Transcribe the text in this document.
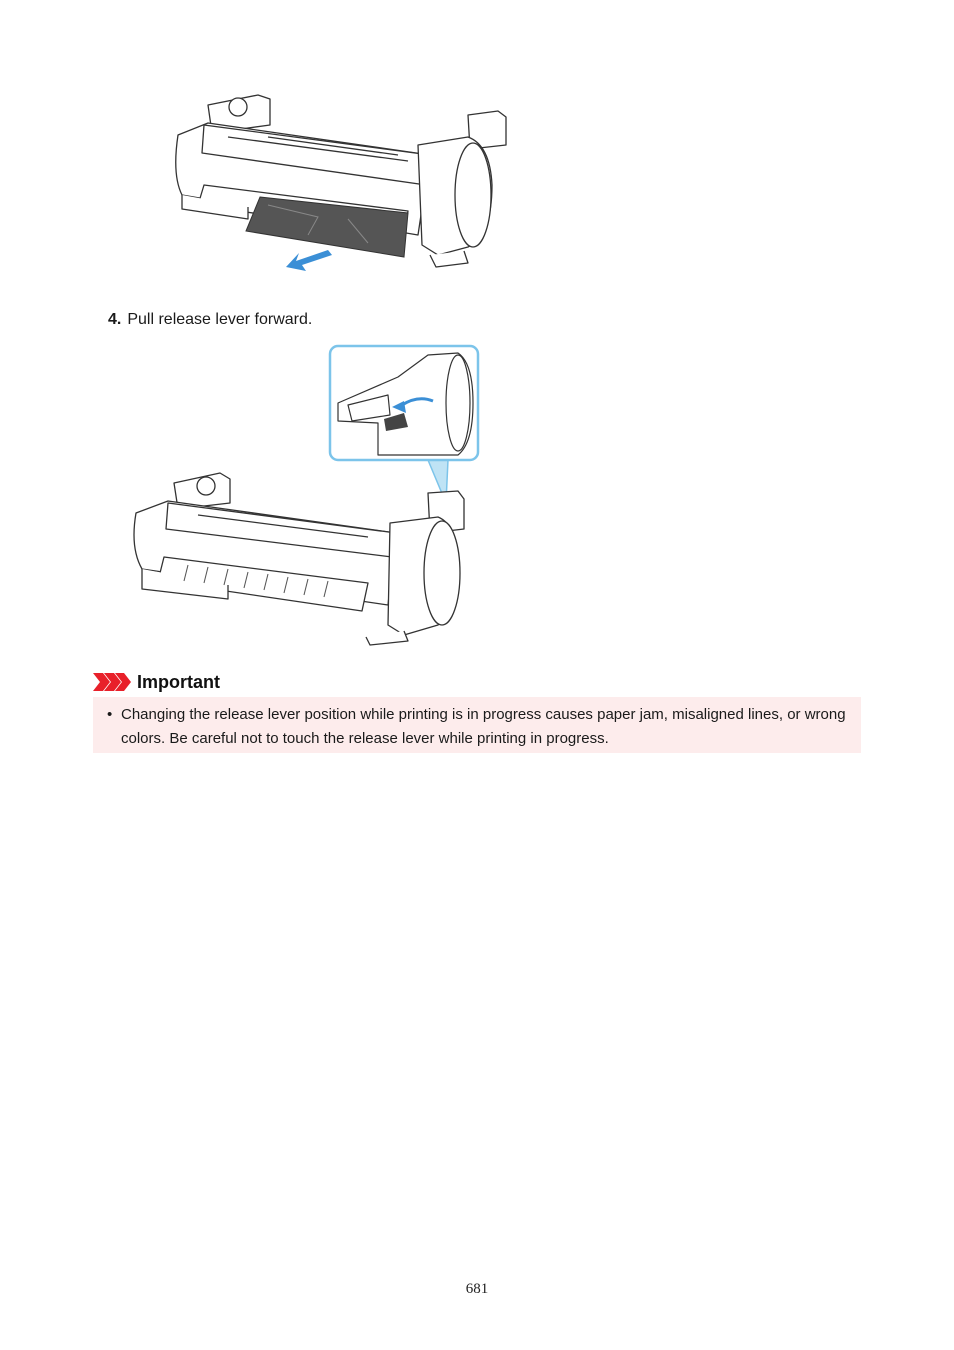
4. Pull release lever forward.
Important
• Changing the release lever position while printing is in progress causes paper jam, misaligned lines, or wrong colors. Be careful not to touch the release lever while printing in progress.
681
